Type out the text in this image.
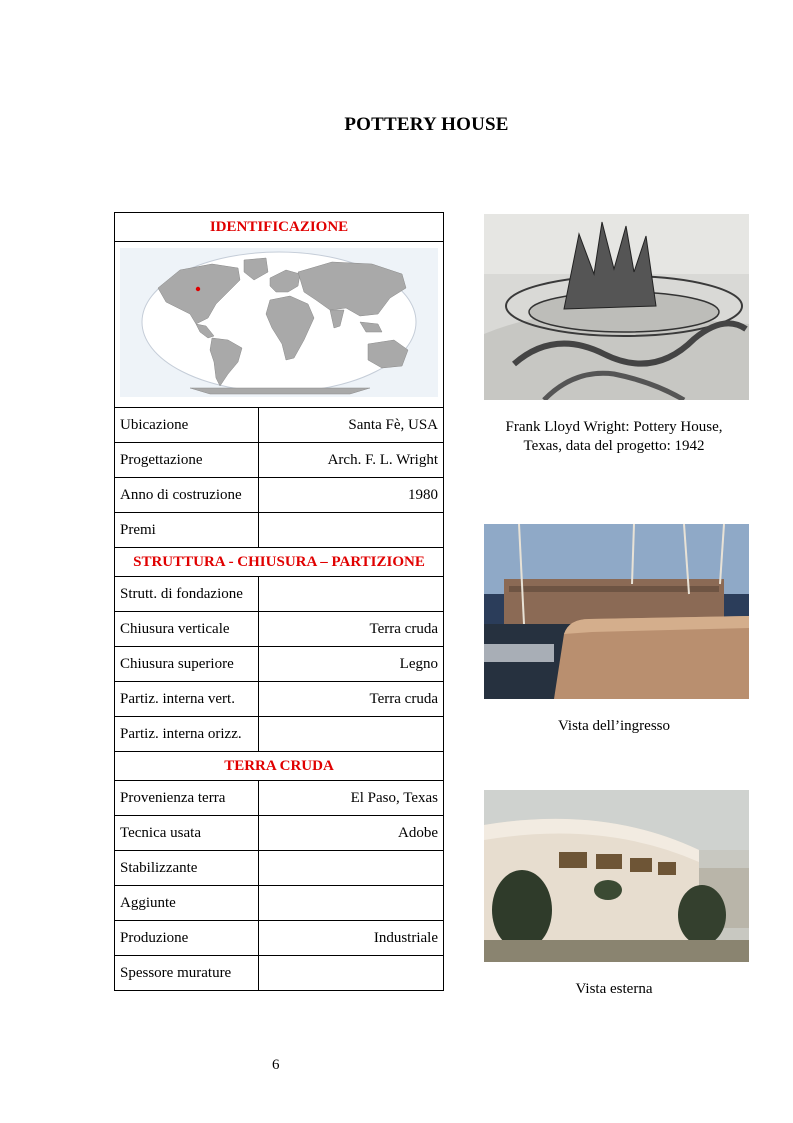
POTTERY HOUSE
IDENTIFICAZIONE	

Ubicazione	Santa Fè, USA
Progettazione	Arch. F. L. Wright
Anno di costruzione	1980
Premi	
STRUTTURA - CHIUSURA – PARTIZIONE	
Strutt. di fondazione	
Chiusura verticale	Terra cruda
Chiusura superiore	Legno
Partiz. interna vert.	Terra cruda
Partiz. interna orizz.	
TERRA CRUDA	
Provenienza terra	El Paso, Texas
Tecnica usata	Adobe
Stabilizzante	
Aggiunte	
Produzione	Industriale
Spessore murature	
Frank Lloyd Wright: Pottery House,
Texas, data del progetto: 1942
Vista dell’ingresso
Vista esterna
6
